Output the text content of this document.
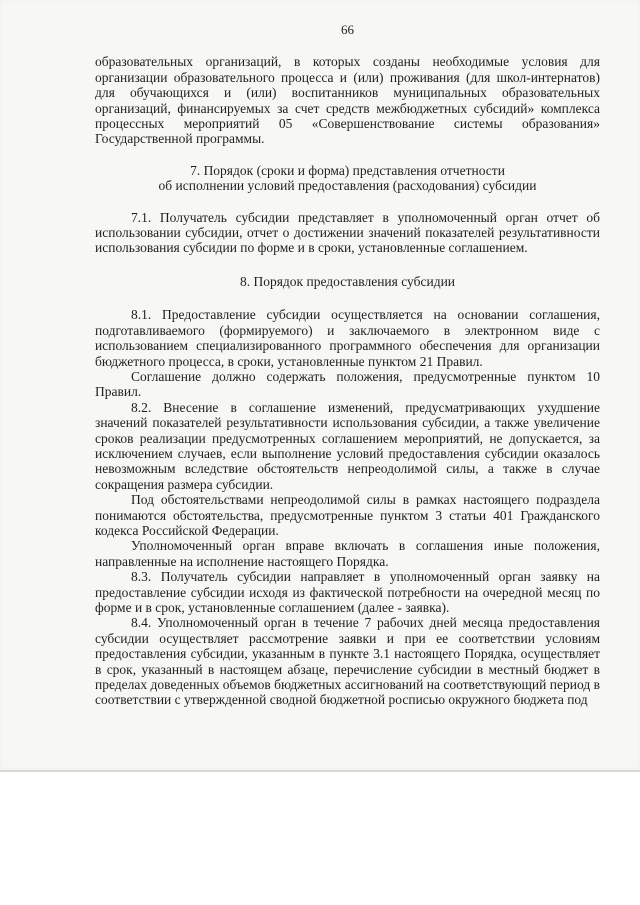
66

образовательных организаций, в которых созданы необходимые условия для организации образовательного процесса и (или) проживания (для школ-интернатов) для обучающихся и (или) воспитанников муниципальных образовательных организаций, финансируемых за счет средств межбюджетных субсидий» комплекса процессных мероприятий 05 «Совершенствование системы образования» Государственной программы.

7. Порядок (сроки и форма) представления отчетности

об исполнении условий предоставления (расходования) субсидии

7.1. Получатель субсидии представляет в уполномоченный орган отчет об использовании субсидии, отчет о достижении значений показателей результативности использования субсидии по форме и в сроки, установленные соглашением.

8. Порядок предоставления субсидии

8.1. Предоставление субсидии осуществляется на основании соглашения, подготавливаемого (формируемого) и заключаемого в электронном виде с использованием специализированного программного обеспечения для организации бюджетного процесса, в сроки, установленные пунктом 21 Правил.

Соглашение должно содержать положения, предусмотренные пунктом 10 Правил.

8.2. Внесение в соглашение изменений, предусматривающих ухудшение значений показателей результативности использования субсидии, а также увеличение сроков реализации предусмотренных соглашением мероприятий, не допускается, за исключением случаев, если выполнение условий предоставления субсидии оказалось невозможным вследствие обстоятельств непреодолимой силы, а также в случае сокращения размера субсидии.

Под обстоятельствами непреодолимой силы в рамках настоящего подраздела понимаются обстоятельства, предусмотренные пунктом 3 статьи 401 Гражданского кодекса Российской Федерации.

Уполномоченный орган вправе включать в соглашения иные положения, направленные на исполнение настоящего Порядка.

8.3. Получатель субсидии направляет в уполномоченный орган заявку на предоставление субсидии исходя из фактической потребности на очередной месяц по форме и в срок, установленные соглашением (далее - заявка).

8.4. Уполномоченный орган в течение 7 рабочих дней месяца предоставления субсидии осуществляет рассмотрение заявки и при ее соответствии условиям предоставления субсидии, указанным в пункте 3.1 настоящего Порядка, осуществляет в срок, указанный в настоящем абзаце, перечисление субсидии в местный бюджет в пределах доведенных объемов бюджетных ассигнований на соответствующий период в соответствии с утвержденной сводной бюджетной росписью окружного бюджета под
